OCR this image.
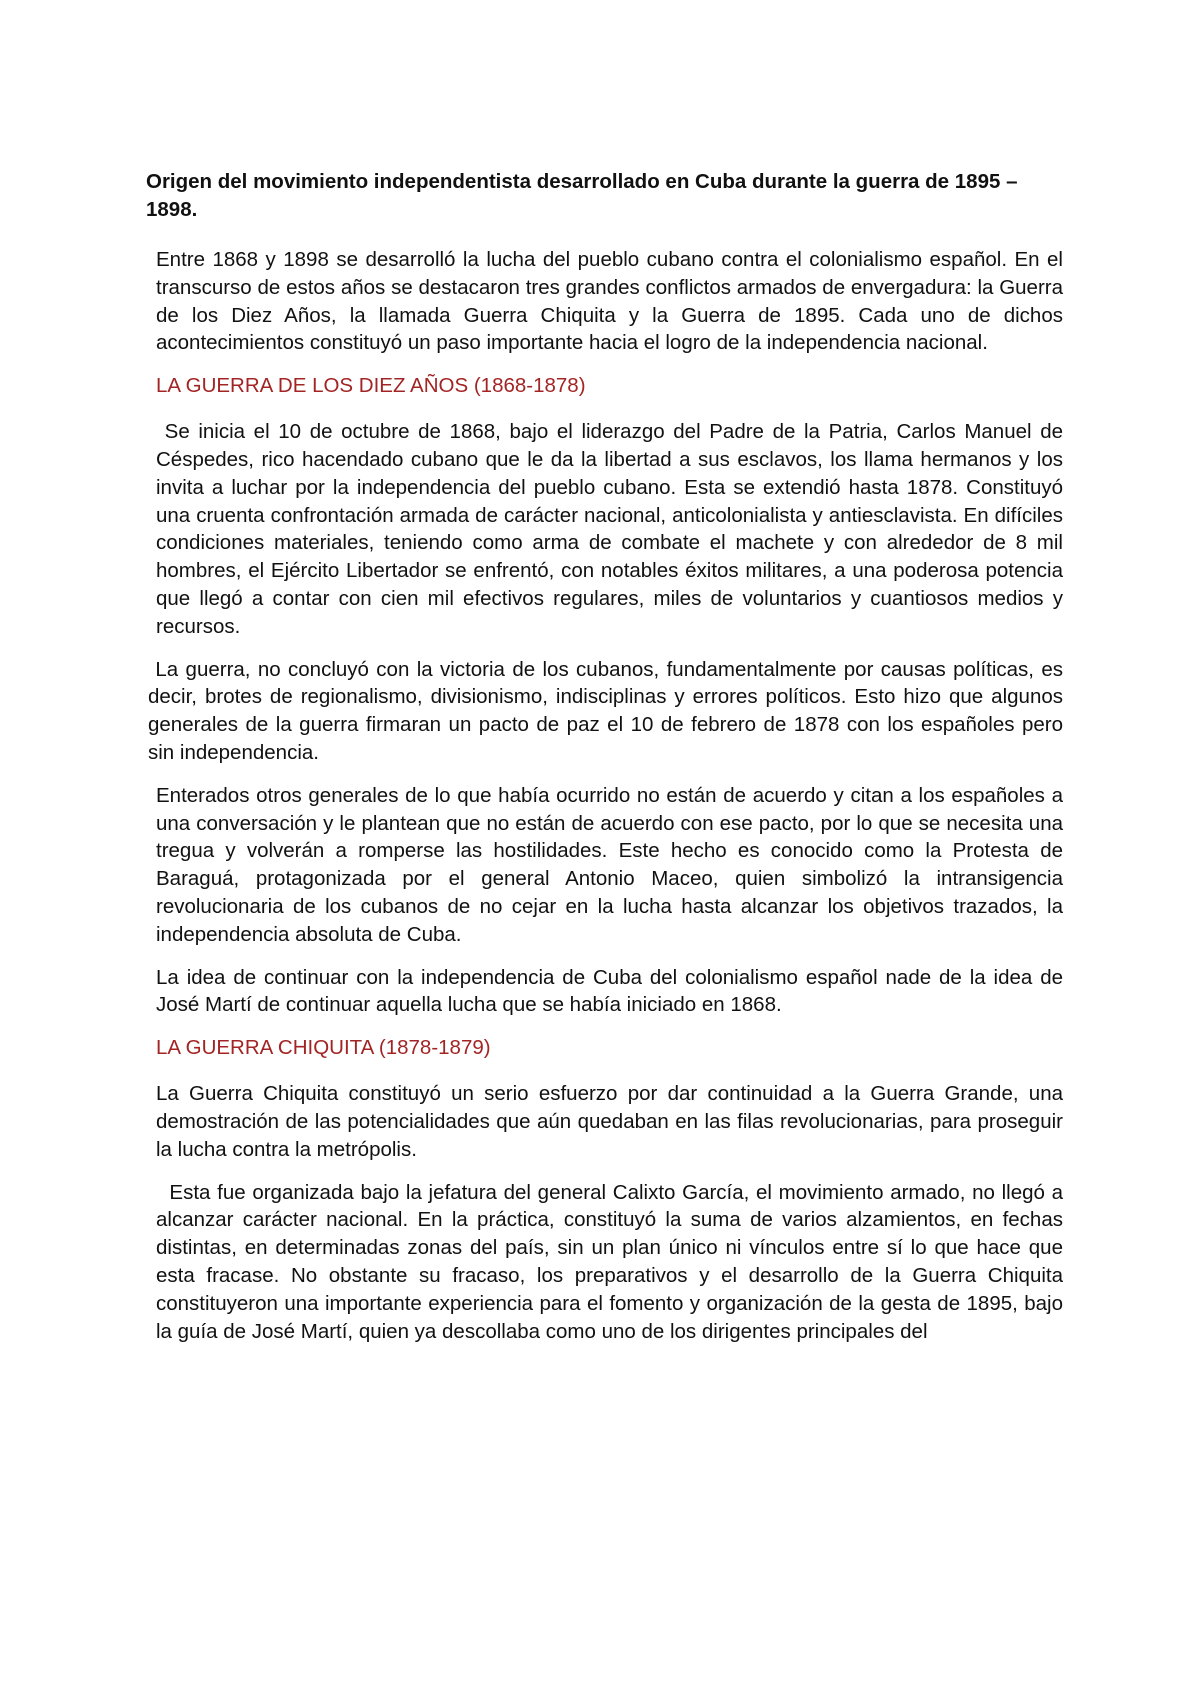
Origen del movimiento independentista desarrollado en Cuba durante la guerra de 1895 – 1898.
Entre 1868 y 1898 se desarrolló la lucha del pueblo cubano contra el colonialismo español. En el transcurso de estos años se destacaron tres grandes conflictos armados de envergadura: la Guerra de los Diez Años, la llamada Guerra Chiquita y la Guerra de 1895. Cada uno de dichos acontecimientos constituyó un paso importante hacia el logro de la independencia nacional.
LA GUERRA DE LOS DIEZ AÑOS (1868-1878)
Se inicia el 10 de octubre de 1868, bajo el liderazgo del Padre de la Patria, Carlos Manuel de Céspedes, rico hacendado cubano que le da la libertad a sus esclavos, los llama hermanos y los invita a luchar por la independencia del pueblo cubano. Esta se extendió hasta 1878. Constituyó una cruenta confrontación armada de carácter nacional, anticolonialista y antiesclavista. En difíciles condiciones materiales, teniendo como arma de combate el machete y con alrededor de 8 mil hombres, el Ejército Libertador se enfrentó, con notables éxitos militares, a una poderosa potencia que llegó a contar con cien mil efectivos regulares, miles de voluntarios y cuantiosos medios y recursos.
La guerra, no concluyó con la victoria de los cubanos, fundamentalmente por causas políticas, es decir, brotes de regionalismo, divisionismo, indisciplinas y errores políticos. Esto hizo que algunos generales de la guerra firmaran un pacto de paz el 10 de febrero de 1878 con los españoles pero sin independencia.
Enterados otros generales de lo que había ocurrido no están de acuerdo y citan a los españoles a una conversación y le plantean que no están de acuerdo con ese pacto, por lo que se necesita una tregua y volverán a romperse las hostilidades. Este hecho es conocido como la Protesta de Baraguá, protagonizada por el general Antonio Maceo, quien simbolizó la intransigencia revolucionaria de los cubanos de no cejar en la lucha hasta alcanzar los objetivos trazados, la independencia absoluta de Cuba.
La idea de continuar con la independencia de Cuba del colonialismo español nade de la idea de José Martí de continuar aquella lucha que se había iniciado en 1868.
LA GUERRA CHIQUITA (1878-1879)
La Guerra Chiquita constituyó un serio esfuerzo por dar continuidad a la Guerra Grande, una demostración de las potencialidades que aún quedaban en las filas revolucionarias, para proseguir la lucha contra la metrópolis.
Esta fue organizada bajo la jefatura del general Calixto García, el movimiento armado, no llegó a alcanzar carácter nacional. En la práctica, constituyó la suma de varios alzamientos, en fechas distintas, en determinadas zonas del país, sin un plan único ni vínculos entre sí lo que hace que esta fracase. No obstante su fracaso, los preparativos y el desarrollo de la Guerra Chiquita constituyeron una importante experiencia para el fomento y organización de la gesta de 1895, bajo la guía de José Martí, quien ya descollaba como uno de los dirigentes principales del
